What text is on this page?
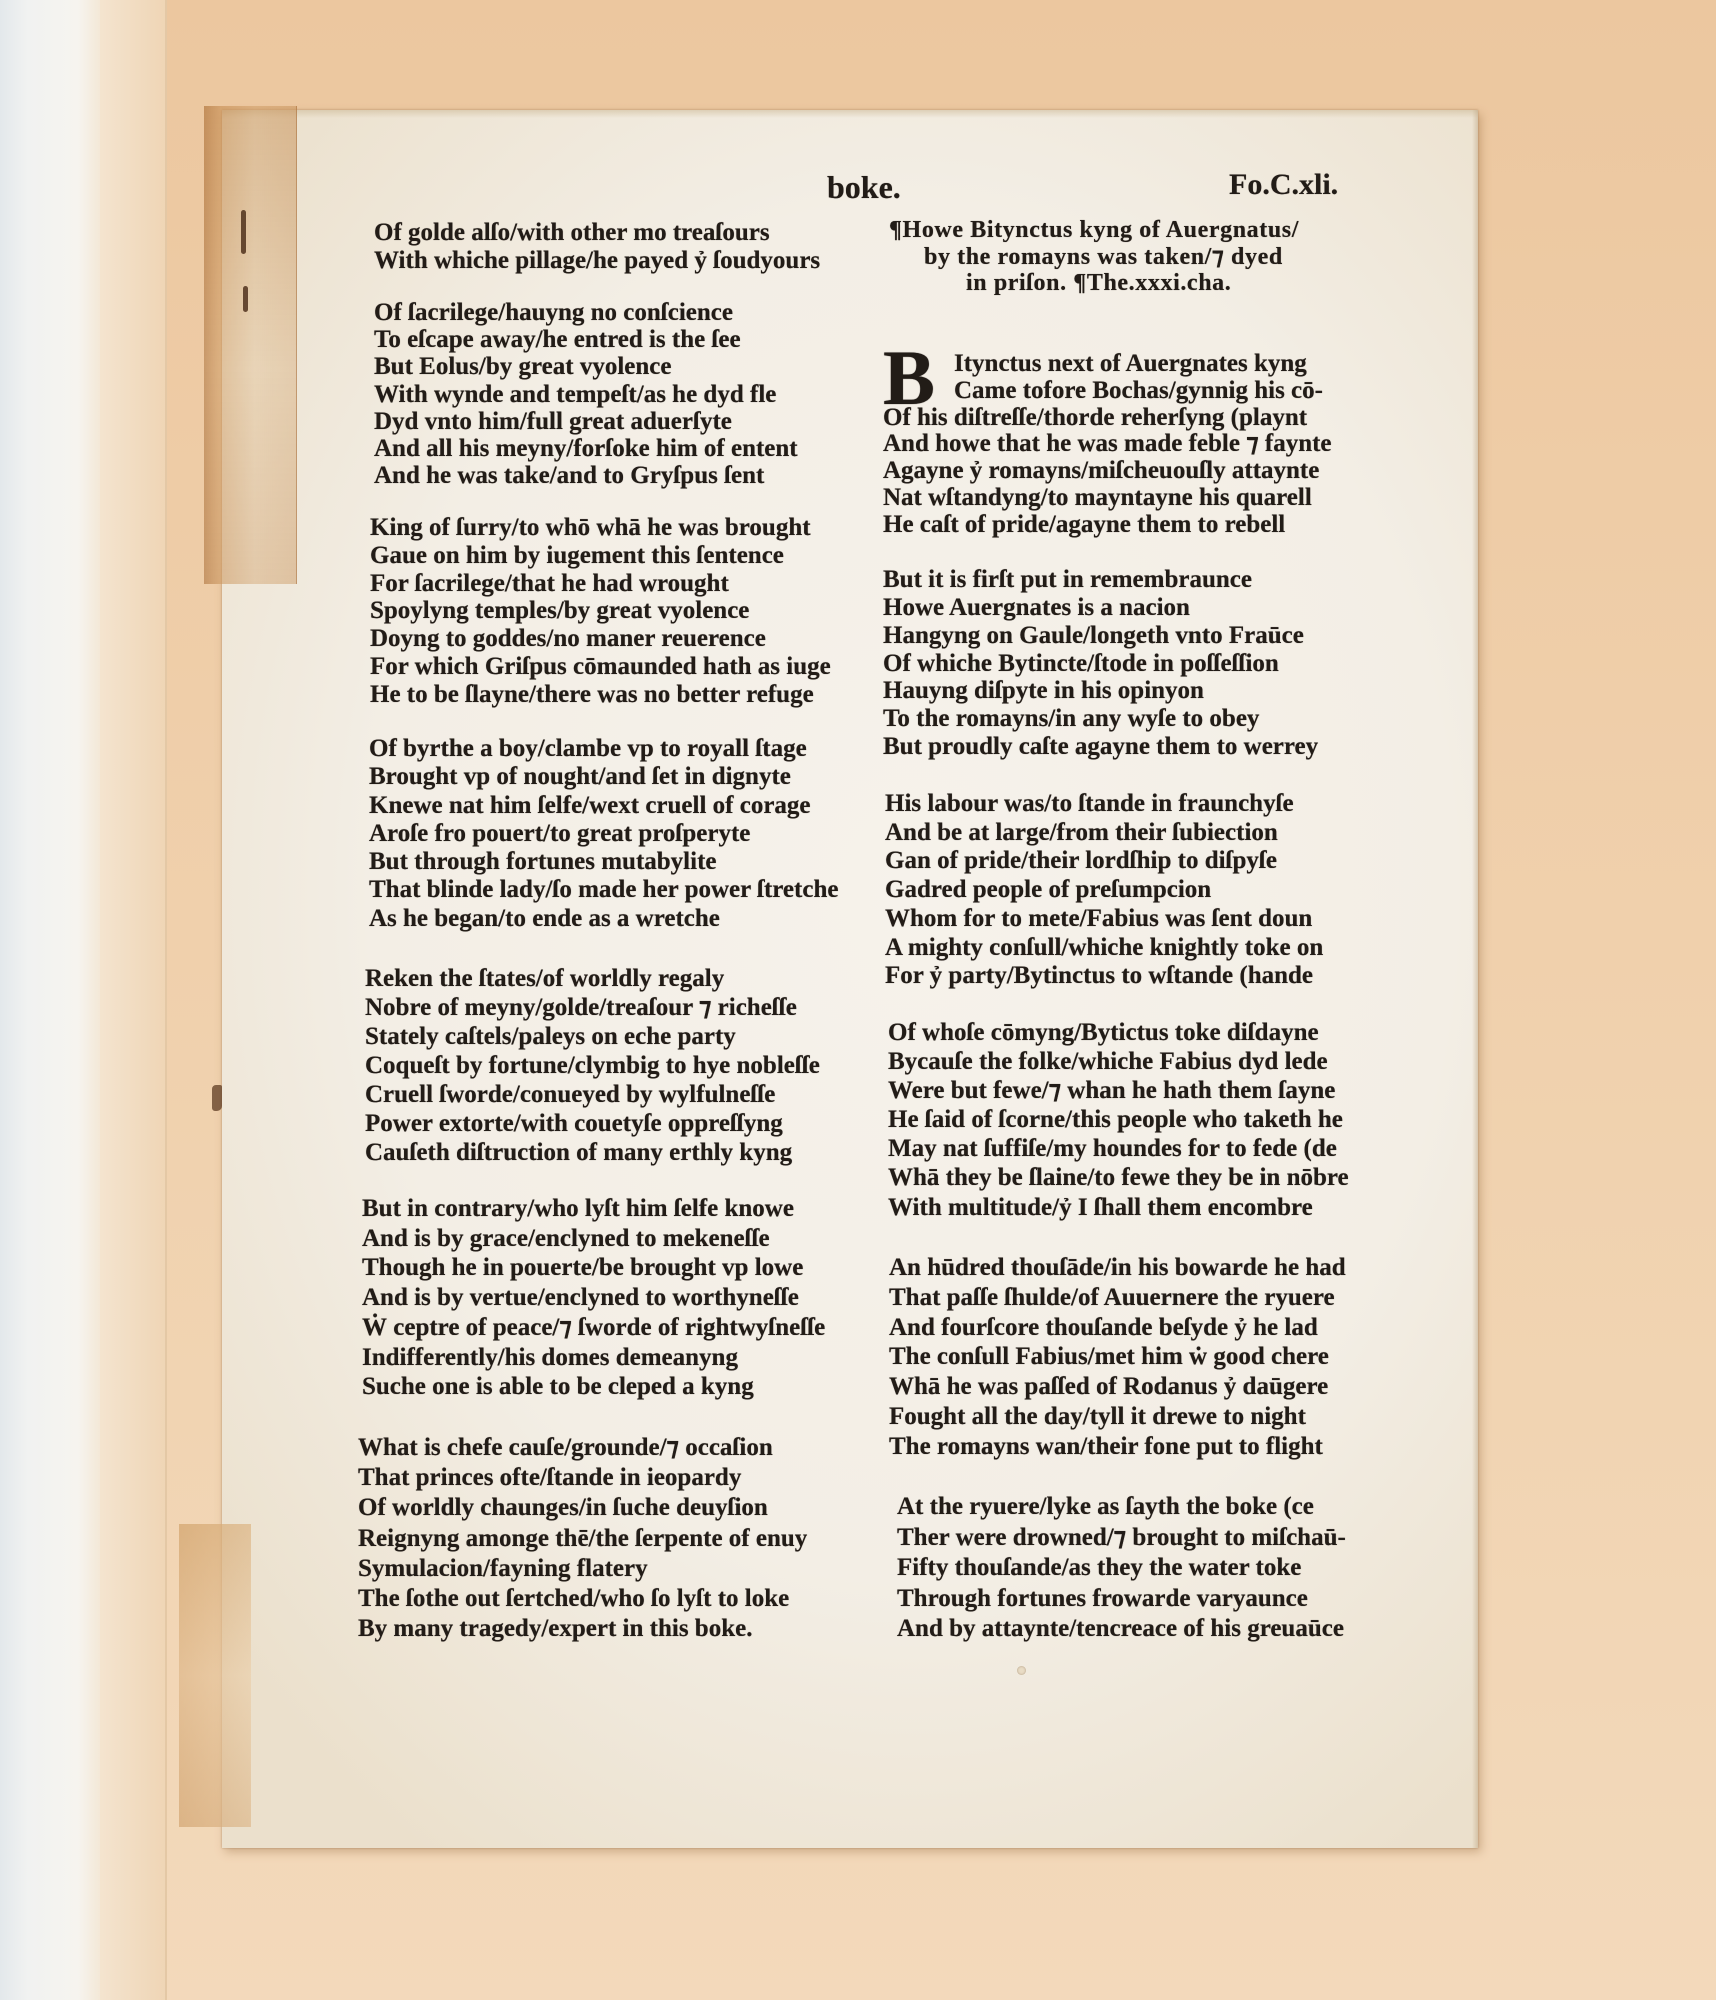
boke.	Fo.C.xli.
Of golde alſo/with other mo treaſours
With whiche pillage/he payed ỷ ſoudyours
Of ſacrilege/hauyng no conſcience
To eſcape away/he entred is the ſee
But Eolus/by great vyolence
With wynde and tempeſt/as he dyd fle
Dyd vnto him/full great aduerſyte
And all his meyny/forſoke him of entent
And he was take/and to Gryſpus ſent
King of ſurry/to whō whā he was brought
Gaue on him by iugement this ſentence
For ſacrilege/that he had wrought
Spoylyng temples/by great vyolence
Doyng to goddes/no maner reuerence
For which Griſpus cōmaunded hath as iuge
He to be ſlayne/there was no better refuge
Of byrthe a boy/clambe vp to royall ſtage
Brought vp of nought/and ſet in dignyte
Knewe nat him ſelfe/wext cruell of corage
Aroſe fro pouert/to great proſperyte
But through fortunes mutabylite
That blinde lady/ſo made her power ſtretche
As he began/to ende as a wretche
Reken the ſtates/of worldly regaly
Nobre of meyny/golde/treaſour ⁊ richeſſe
Stately caſtels/paleys on eche party
Coqueſt by fortune/clymbig to hye nobleſſe
Cruell ſworde/conueyed by wylfulneſſe
Power extorte/with couetyſe oppreſſyng
Cauſeth diſtruction of many erthly kyng
But in contrary/who lyſt him ſelfe knowe
And is by grace/enclyned to mekeneſſe
Though he in pouerte/be brought vp lowe
And is by vertue/enclyned to worthyneſſe
Ẇ ceptre of peace/⁊ ſworde of rightwyſneſſe
Indifferently/his domes demeanyng
Suche one is able to be cleped a kyng
What is chefe cauſe/grounde/⁊ occaſion
That princes ofte/ſtande in ieopardy
Of worldly chaunges/in ſuche deuyſion
Reignyng amonge thē/the ſerpente of enuy
Symulacion/fayning flatery
The ſothe out ſertched/who ſo lyſt to loke
By many tragedy/expert in this boke.
¶Howe Bitynctus kyng of Auergnatus/
by the romayns was taken/⁊ dyed
in priſon. ¶The.xxxi.cha.
B Itynctus next of Auergnates kyng
Came tofore Bochas/gynnig his cō-
Of his diſtreſſe/thorde reherſyng (playnt
And howe that he was made feble ⁊ faynte
Agayne ỷ romayns/miſcheuouſly attaynte
Nat wſtandyng/to mayntayne his quarell
He caſt of pride/agayne them to rebell
But it is firſt put in remembraunce
Howe Auergnates is a nacion
Hangyng on Gaule/longeth vnto Fraūce
Of whiche Bytincte/ſtode in poſſeſſion
Hauyng diſpyte in his opinyon
To the romayns/in any wyſe to obey
But proudly caſte agayne them to werrey
His labour was/to ſtande in fraunchyſe
And be at large/from their ſubiection
Gan of pride/their lordſhip to diſpyſe
Gadred people of preſumpcion
Whom for to mete/Fabius was ſent doun
A mighty conſull/whiche knightly toke on
For ỷ party/Bytinctus to wſtande (hande
Of whoſe cōmyng/Bytictus toke diſdayne
Bycauſe the folke/whiche Fabius dyd lede
Were but fewe/⁊ whan he hath them ſayne
He ſaid of ſcorne/this people who taketh he
May nat ſuffiſe/my houndes for to fede (de
Whā they be ſlaine/to fewe they be in nōbre
With multitude/ỷ I ſhall them encombre
An hūdred thouſāde/in his bowarde he had
That paſſe ſhulde/of Auuernere the ryuere
And fourſcore thouſande beſyde ỷ he lad
The conſull Fabius/met him ẇ good chere
Whā he was paſſed of Rodanus ỷ daūgere
Fought all the day/tyll it drewe to night
The romayns wan/their fone put to flight
At the ryuere/lyke as ſayth the boke (ce
Ther were drowned/⁊ brought to miſchaū-
Fifty thouſande/as they the water toke
Through fortunes frowarde varyaunce
And by attaynte/tencreace of his greuaūce
